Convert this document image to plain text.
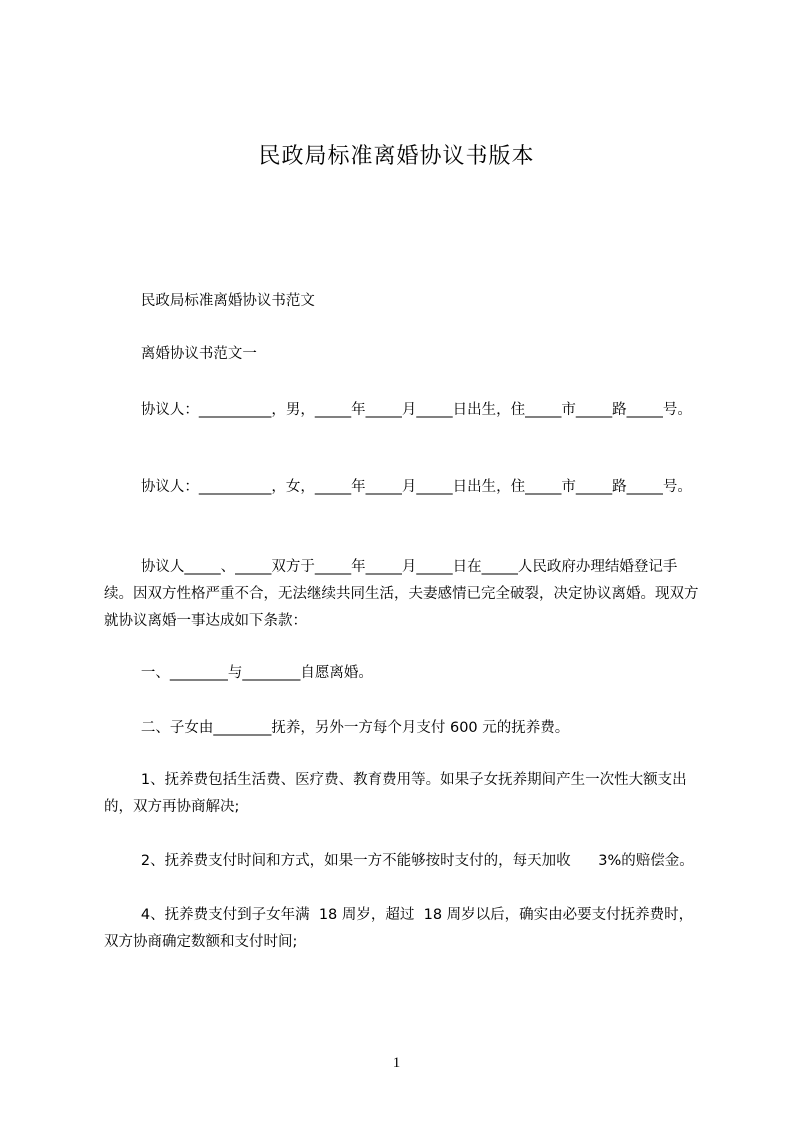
民政局标准离婚协议书版本
民政局标准离婚协议书范文
离婚协议书范文一
协议人：__________，男，_____年_____月_____日出生，住_____市_____路_____号。
协议人：__________，女，_____年_____月_____日出生，住_____市_____路_____号。
协议人_____、_____双方于_____年_____月_____日在_____人民政府办理结婚登记手续。因双方性格严重不合，无法继续共同生活，夫妻感情已完全破裂，决定协议离婚。现双方就协议离婚一事达成如下条款：
一、________与________自愿离婚。
二、子女由________抚养，另外一方每个月支付 600 元的抚养费。
1、抚养费包括生活费、医疗费、教育费用等。如果子女抚养期间产生一次性大额支出的，双方再协商解决;
2、抚养费支付时间和方式，如果一方不能够按时支付的，每天加收      3%的赔偿金。
4、抚养费支付到子女年满  18 周岁，超过  18 周岁以后，确实由必要支付抚养费时，双方协商确定数额和支付时间;
1
